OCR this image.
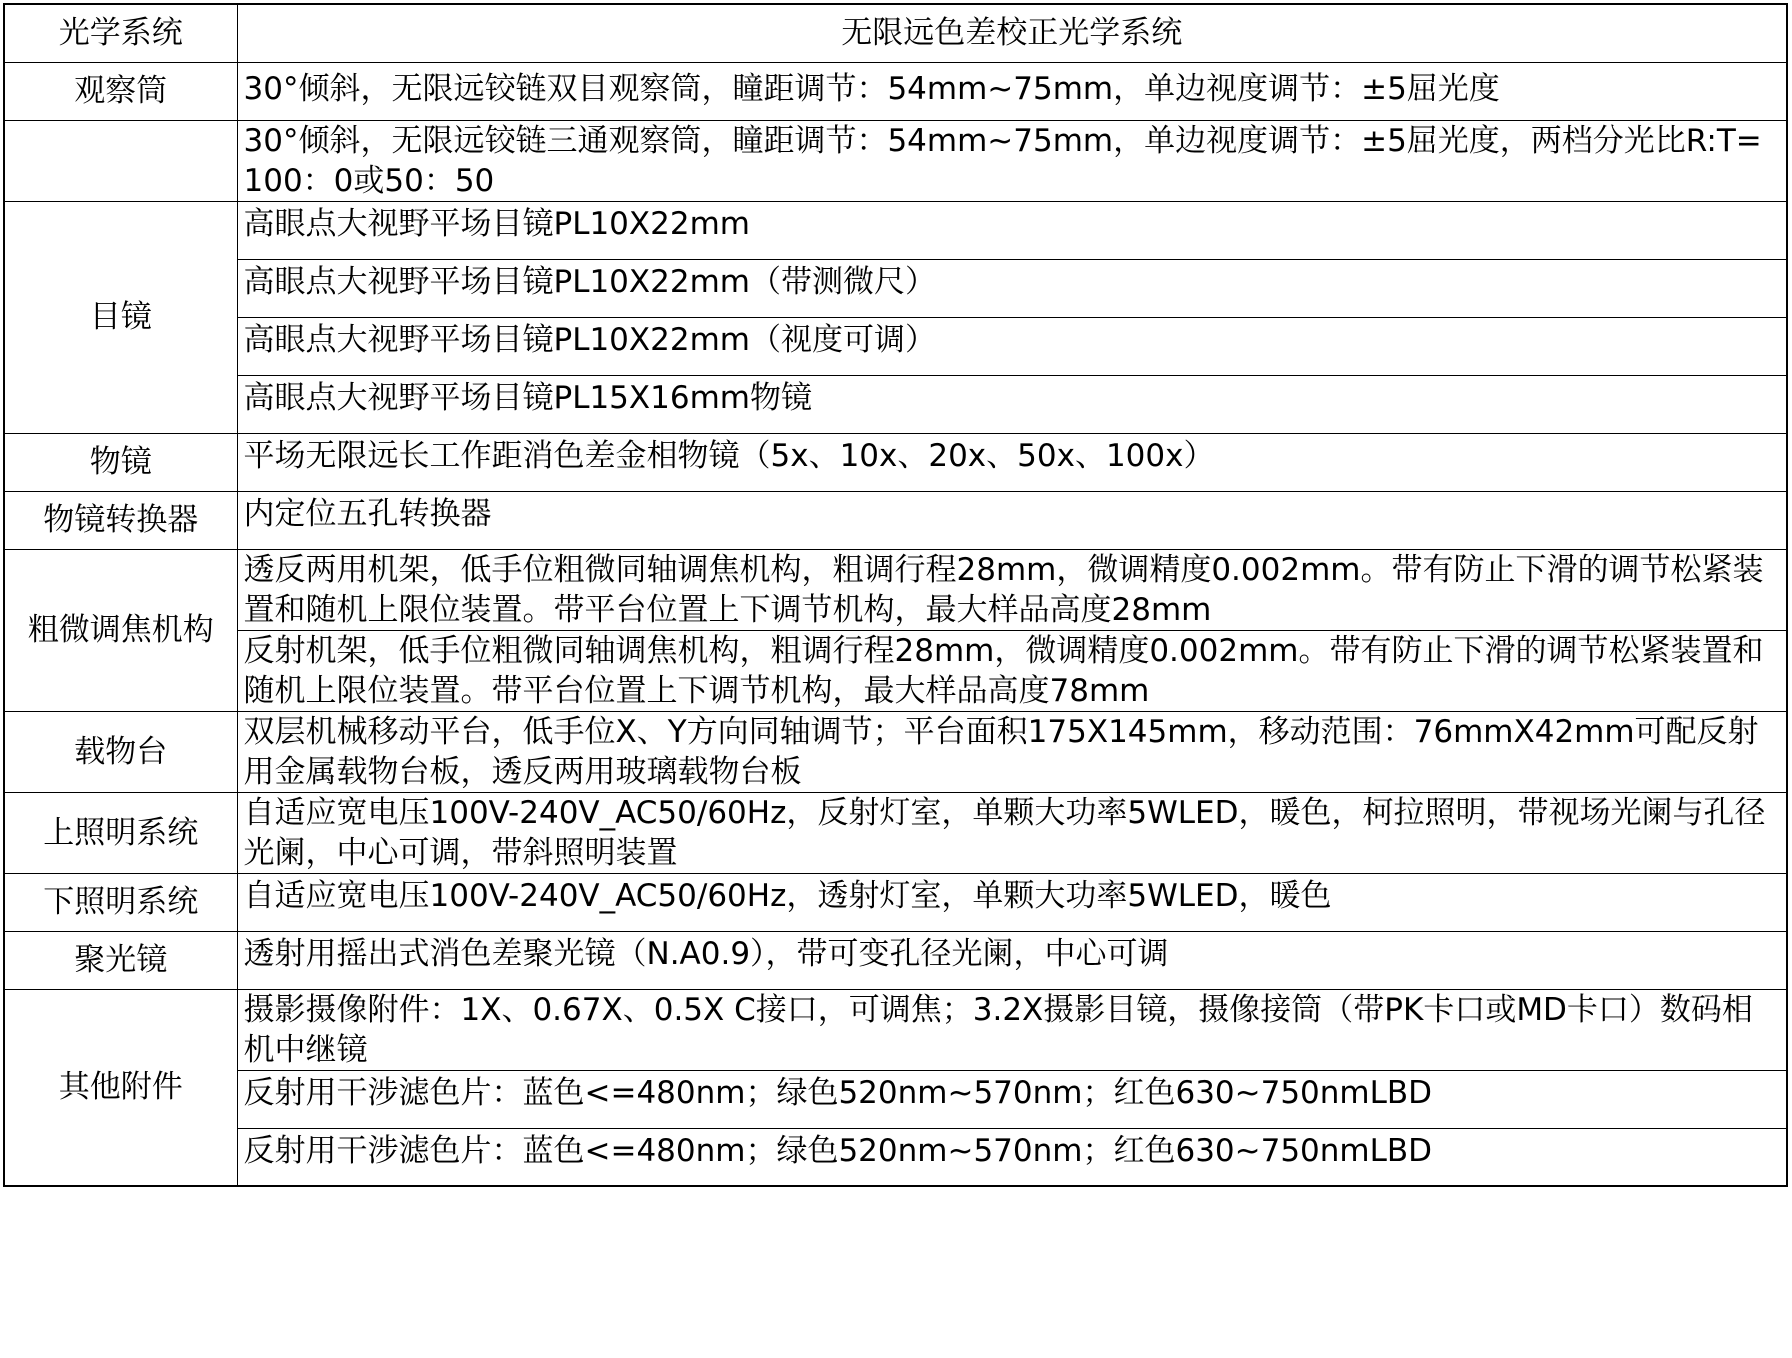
光学系统	无限远色差校正光学系统
观察筒	30°倾斜，无限远铰链双目观察筒，瞳距调节：54mm~75mm，单边视度调节：±5屈光度
	30°倾斜，无限远铰链三通观察筒，瞳距调节：54mm~75mm，单边视度调节：±5屈光度，两档分光比R:T=100：0或50：50
目镜	高眼点大视野平场目镜PL10X22mm
	高眼点大视野平场目镜PL10X22mm（带测微尺）
	高眼点大视野平场目镜PL10X22mm（视度可调）
	高眼点大视野平场目镜PL15X16mm物镜
物镜	平场无限远长工作距消色差金相物镜（5x、10x、20x、50x、100x）
物镜转换器	内定位五孔转换器
粗微调焦机构	透反两用机架，低手位粗微同轴调焦机构，粗调行程28mm，微调精度0.002mm。带有防止下滑的调节松紧装置和随机上限位装置。带平台位置上下调节机构，最大样品高度28mm
	反射机架，低手位粗微同轴调焦机构，粗调行程28mm，微调精度0.002mm。带有防止下滑的调节松紧装置和随机上限位装置。带平台位置上下调节机构，最大样品高度78mm
载物台	双层机械移动平台，低手位X、Y方向同轴调节；平台面积175X145mm，移动范围：76mmX42mm可配反射用金属载物台板，透反两用玻璃载物台板
上照明系统	自适应宽电压100V-240V_AC50/60Hz，反射灯室，单颗大功率5WLED，暖色，柯拉照明，带视场光阑与孔径光阑，中心可调，带斜照明装置
下照明系统	自适应宽电压100V-240V_AC50/60Hz，透射灯室，单颗大功率5WLED，暖色
聚光镜	透射用摇出式消色差聚光镜（N.A0.9），带可变孔径光阑，中心可调
其他附件	摄影摄像附件：1X、0.67X、0.5X C接口，可调焦；3.2X摄影目镜，摄像接筒（带PK卡口或MD卡口）数码相机中继镜
	反射用干涉滤色片：蓝色<=480nm；绿色520nm~570nm；红色630~750nmLBD
	反射用干涉滤色片：蓝色<=480nm；绿色520nm~570nm；红色630~750nmLBD
